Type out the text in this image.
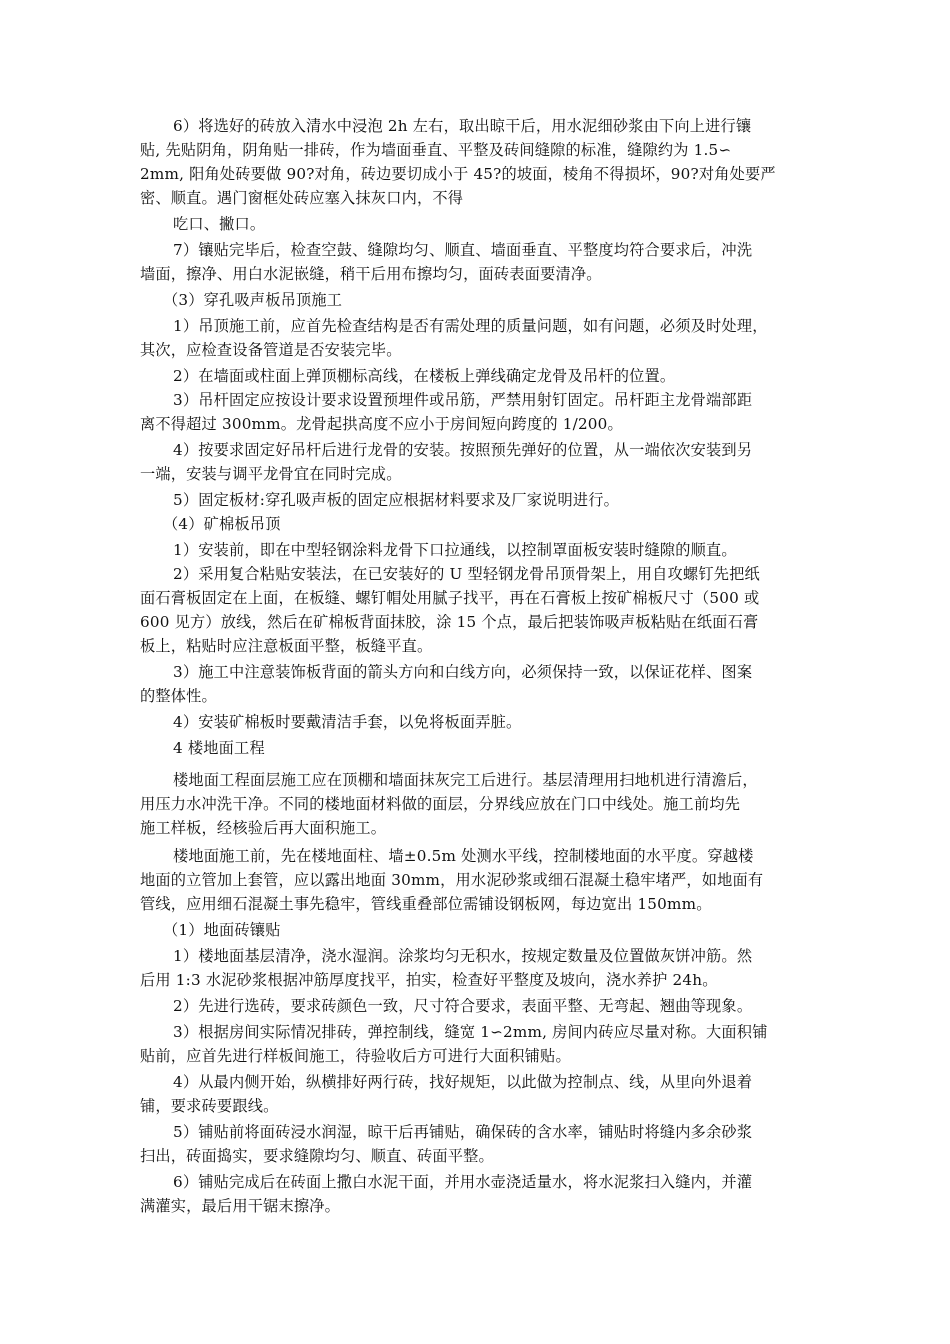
6）将选好的砖放入清水中浸泡 2h 左右，取出晾干后，用水泥细砂浆由下向上进行镶
贴, 先贴阴角，阴角贴一排砖，作为墙面垂直、平整及砖间缝隙的标准，缝隙约为 1.5∽
2mm, 阳角处砖要做 90?对角，砖边要切成小于 45?的坡面，棱角不得损坏，90?对角处要严
密、顺直。遇门窗框处砖应塞入抹灰口内，不得
吃口、撇口。
7）镶贴完毕后，检查空鼓、缝隙均匀、顺直、墙面垂直、平整度均符合要求后，冲洗
墙面，擦净、用白水泥嵌缝，稍干后用布擦均匀，面砖表面要清净。
（3）穿孔吸声板吊顶施工
1）吊顶施工前，应首先检查结构是否有需处理的质量问题，如有问题，必须及时处理，
其次，应检查设备管道是否安装完毕。
2）在墙面或柱面上弹顶棚标高线，在楼板上弹线确定龙骨及吊杆的位置。
3）吊杆固定应按设计要求设置预埋件或吊筋，严禁用射钉固定。吊杆距主龙骨端部距
离不得超过 300mm。龙骨起拱高度不应小于房间短向跨度的 1/200。
4）按要求固定好吊杆后进行龙骨的安装。按照预先弹好的位置，从一端依次安装到另
一端，安装与调平龙骨宜在同时完成。
5）固定板材:穿孔吸声板的固定应根据材料要求及厂家说明进行。
（4）矿棉板吊顶
1）安装前，即在中型轻钢涂料龙骨下口拉通线，以控制罩面板安装时缝隙的顺直。
2）采用复合粘贴安装法，在已安装好的 U 型轻钢龙骨吊顶骨架上，用自攻螺钉先把纸
面石膏板固定在上面，在板缝、螺钉帽处用腻子找平，再在石膏板上按矿棉板尺寸（500 或
600 见方）放线，然后在矿棉板背面抹胶，涂 15 个点，最后把装饰吸声板粘贴在纸面石膏
板上，粘贴时应注意板面平整，板缝平直。
3）施工中注意装饰板背面的箭头方向和白线方向，必须保持一致，以保证花样、图案
的整体性。
4）安装矿棉板时要戴清洁手套，以免将板面弄脏。
4 楼地面工程
楼地面工程面层施工应在顶棚和墙面抹灰完工后进行。基层清理用扫地机进行清澹后，
用压力水冲洗干净。不同的楼地面材料做的面层，分界线应放在门口中线处。施工前均先
施工样板，经核验后再大面积施工。
楼地面施工前，先在楼地面柱、墙±0.5m 处测水平线，控制楼地面的水平度。穿越楼
地面的立管加上套管，应以露出地面 30mm，用水泥砂浆或细石混凝土稳牢堵严，如地面有
管线，应用细石混凝土事先稳牢，管线重叠部位需铺设钢板网，每边宽出 150mm。
（1）地面砖镶贴
1）楼地面基层清净，浇水湿润。涂浆均匀无积水，按规定数量及位置做灰饼冲筋。然
后用 1:3 水泥砂浆根据冲筋厚度找平，拍实，检查好平整度及坡向，浇水养护 24h。
2）先进行选砖，要求砖颜色一致，尺寸符合要求，表面平整、无弯起、翘曲等现象。
3）根据房间实际情况排砖，弹控制线，缝宽 1∽2mm, 房间内砖应尽量对称。大面积铺
贴前，应首先进行样板间施工，待验收后方可进行大面积铺贴。
4）从最内侧开始，纵横排好两行砖，找好规矩，以此做为控制点、线，从里向外退着
铺，要求砖要跟线。
5）铺贴前将面砖浸水润湿，晾干后再铺贴，确保砖的含水率，铺贴时将缝内多余砂浆
扫出，砖面捣实，要求缝隙均匀、顺直、砖面平整。
6）铺贴完成后在砖面上撒白水泥干面，并用水壶浇适量水，将水泥浆扫入缝内，并灌
满灌实，最后用干锯末擦净。
